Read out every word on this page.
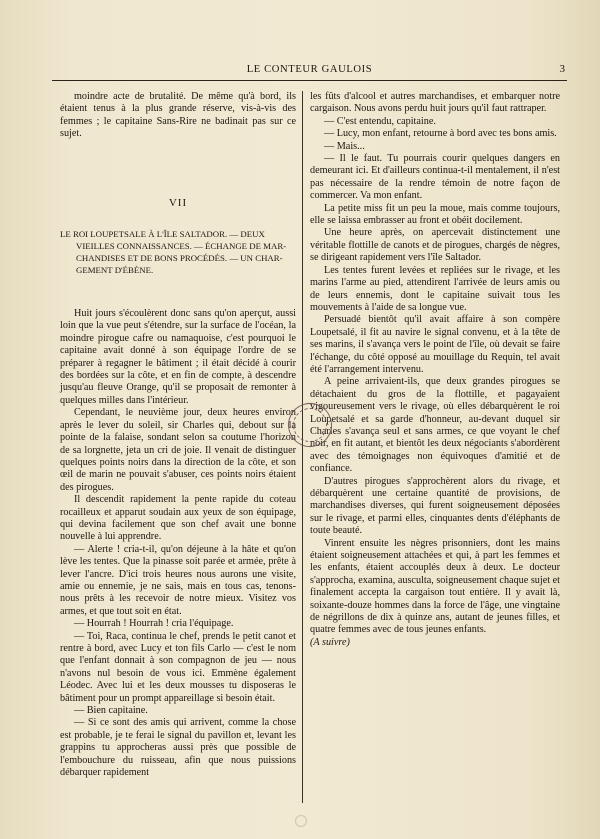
LE CONTEUR GAULOIS	3

moindre acte de brutalité. De même qu'à bord, ils étaient tenus à la plus grande réserve, vis-à-vis des femmes ; le capitaine Sans-Rire ne badinait pas sur ce sujet.

VII
LE ROI LOUPETSALE À L'ÎLE SALTADOR. — DEUX
VIEILLES CONNAISSANCES. — ÉCHANGE DE MAR-
CHANDISES ET DE BONS PROCÉDÉS. — UN CHAR-
GEMENT D'ÉBÈNE.

Huit jours s'écoulèrent donc sans qu'on aperçut, aussi loin que la vue peut s'étendre, sur la surface de l'océan, la moindre pirogue cafre ou namaquoise, c'est pourquoi le capitaine avait donné à son équipage l'ordre de se préparer à regagner le bâtiment ; il était décidé à courir des bordées sur la côte, et en fin de compte, à descendre jusqu'au fleuve Orange, qu'il se proposait de remonter à quelques milles dans l'intérieur.

Cependant, le neuvième jour, deux heures environ après le lever du soleil, sir Charles qui, debout sur la pointe de la falaise, sondant selon sa coutume l'horizon de sa lorgnette, jeta un cri de joie. Il venait de distinguer quelques points noirs dans la direction de la côte, et son œil de marin ne pouvait s'abuser, ces points noirs étaient des pirogues.

Il descendit rapidement la pente rapide du coteau rocailleux et apparut soudain aux yeux de son équipage, qui devina facilement que son chef avait une bonne nouvelle à lui apprendre.

— Alerte ! cria-t-il, qu'on déjeune à la hâte et qu'on lève les tentes. Que la pinasse soit parée et armée, prête à lever l'ancre. D'ici trois heures nous aurons une visite, amie ou ennemie, je ne sais, mais en tous cas, tenons-nous prêts à les recevoir de notre mieux. Visitez vos armes, et que tout soit en état.

— Hourrah ! Hourrah ! cria l'équipage.

— Toi, Raca, continua le chef, prends le petit canot et rentre à bord, avec Lucy et ton fils Carlo — c'est le nom que l'enfant donnait à son compagnon de jeu — nous n'avons nul besoin de vous ici. Emmène également Léodec. Avec lui et les deux mousses tu disposeras le bâtiment pour un prompt appareillage si besoin était.

— Bien capitaine.

— Si ce sont des amis qui arrivent, comme la chose est probable, je te ferai le signal du pavillon et, levant les grappins tu approcheras aussi près que possible de l'embouchure du ruisseau, afin que nous puissions débarquer rapidement

les fûts d'alcool et autres marchandises, et embarquer notre cargaison. Nous avons perdu huit jours qu'il faut rattraper.

— C'est entendu, capitaine.

— Lucy, mon enfant, retourne à bord avec tes bons amis.

— Mais...

— Il le faut. Tu pourrais courir quelques dangers en demeurant ici. Et d'ailleurs continua-t-il mentalement, il n'est pas nécessaire de la rendre témoin de notre façon de commercer. Va mon enfant.

La petite miss fit un peu la moue, mais comme toujours, elle se laissa embrasser au front et obéit docilement.

Une heure après, on apercevait distinctement une véritable flottille de canots et de pirogues, chargés de nègres, se dirigeant rapidement vers l'île Saltador.

Les tentes furent levées et repliées sur le rivage, et les marins l'arme au pied, attendirent l'arrivée de leurs amis ou de leurs ennemis, dont le capitaine suivait tous les mouvements à l'aide de sa longue vue.

Persuadé bientôt qu'il avait affaire à son compère Loupetsalé, il fit au navire le signal convenu, et à la tête de ses marins, il s'avança vers le point de l'île, où devait se faire l'échange, du côté opposé au mouillage du Requin, tel avait été l'arrangement intervenu.

A peine arrivaient-ils, que deux grandes pirogues se détachaient du gros de la flottille, et pagayaient vigoureusement vers le rivage, où elles débarquèrent le roi Loupetsalé et sa garde d'honneur, au-devant duquel sir Charles s'avança seul et sans armes, ce que voyant le chef noir, en fit autant, et bientôt les deux négociants s'abordèrent avec des témoignages non équivoques d'amitié et de confiance.

D'autres pirogues s'approchèrent alors du rivage, et débarquèrent une certaine quantité de provisions, de marchandises diverses, qui furent soigneusement déposées sur le rivage, et parmi elles, cinquantes dents d'éléphants de toute beauté.

Vinrent ensuite les nègres prisonniers, dont les mains étaient soigneusement attachées et qui, à part les femmes et les enfants, étaient accouplés deux à deux. Le docteur s'approcha, examina, ausculta, soigneusement chaque sujet et finalement accepta la cargaison tout entière. Il y avait là, soixante-douze hommes dans la force de l'âge, une vingtaine de négrillons de dix à quinze ans, autant de jeunes filles, et quatre femmes avec de tous jeunes enfants.

(A suivre)
